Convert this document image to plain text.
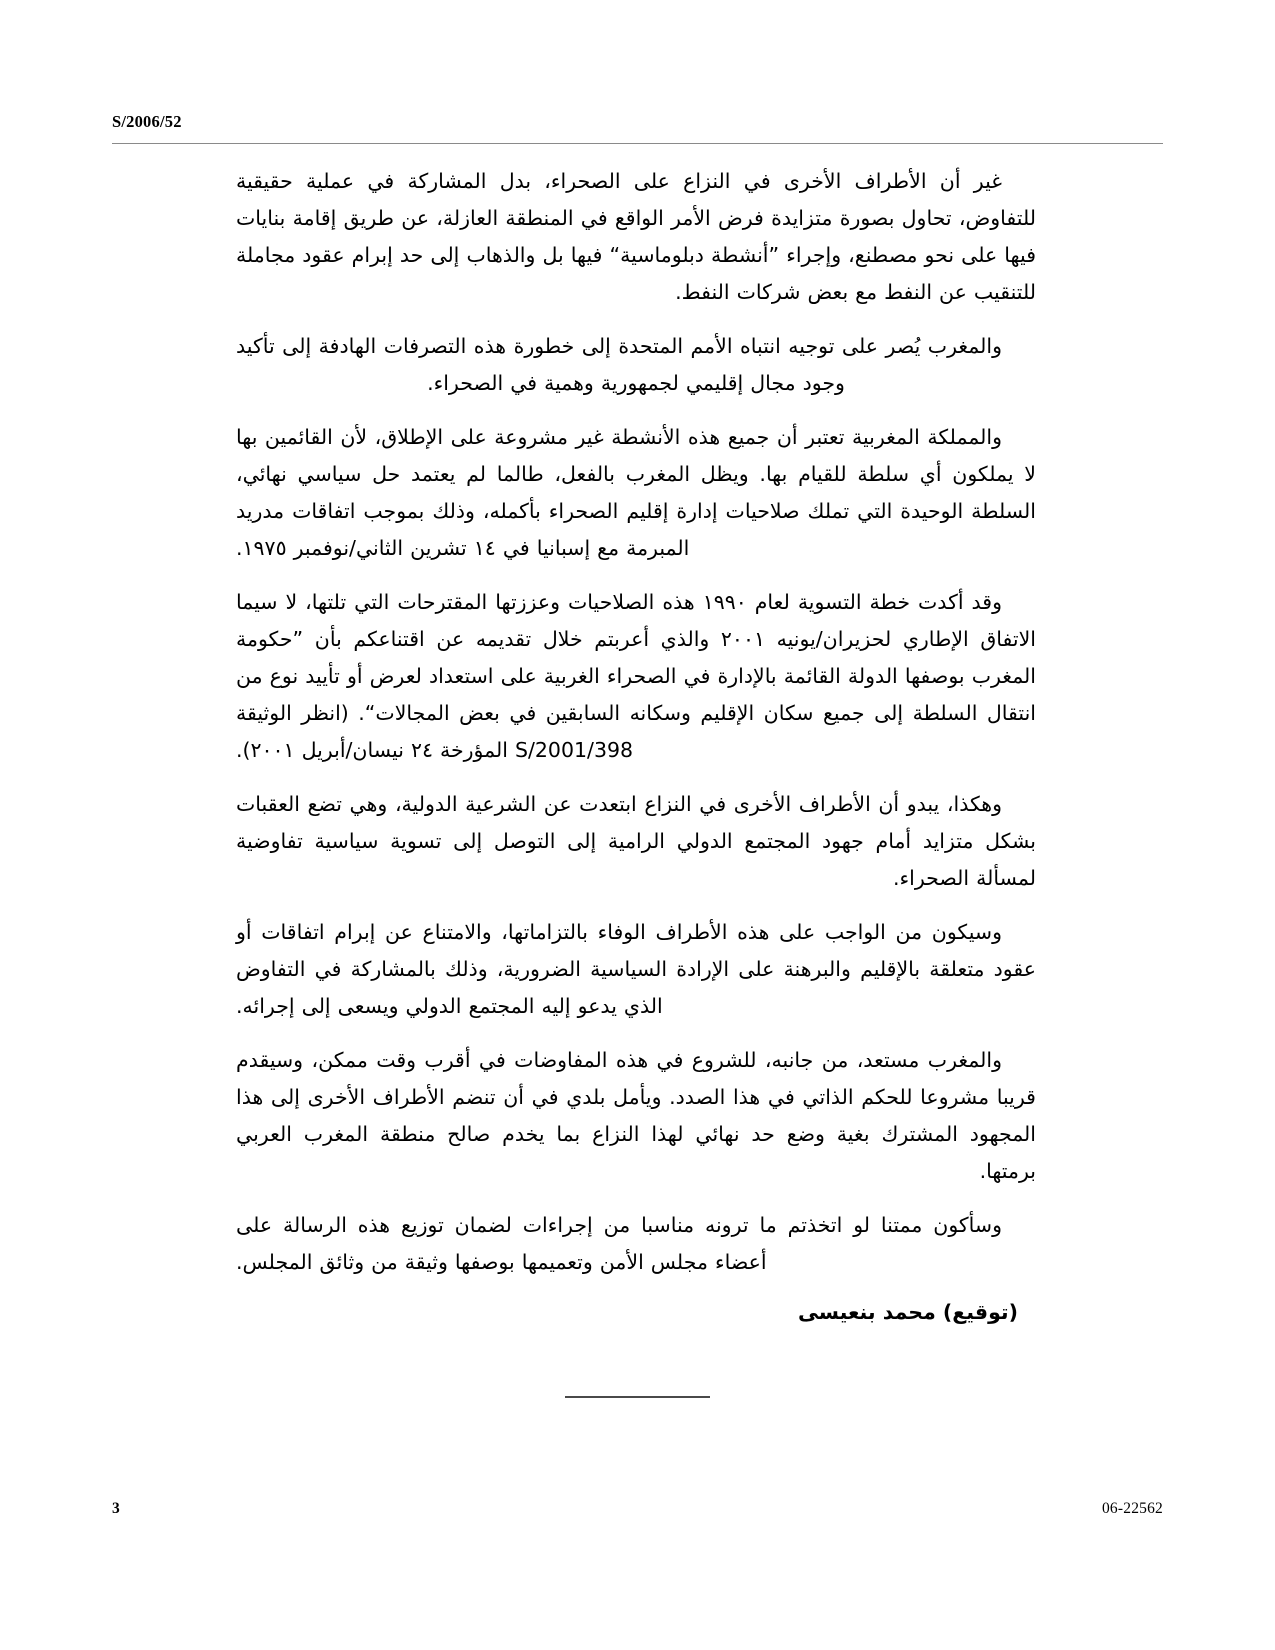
S/2006/52

غير أن الأطراف الأخرى في النزاع على الصحراء، بدل المشاركة في عملية حقيقية للتفاوض، تحاول بصورة متزايدة فرض الأمر الواقع في المنطقة العازلة، عن طريق إقامة بنايات فيها على نحو مصطنع، وإجراء ”أنشطة دبلوماسية“ فيها بل والذهاب إلى حد إبرام عقود مجاملة للتنقيب عن النفط مع بعض شركات النفط.

والمغرب يُصر على توجيه انتباه الأمم المتحدة إلى خطورة هذه التصرفات الهادفة إلى تأكيد وجود مجال إقليمي لجمهورية وهمية في الصحراء.

والمملكة المغربية تعتبر أن جميع هذه الأنشطة غير مشروعة على الإطلاق، لأن القائمين بها لا يملكون أي سلطة للقيام بها. ويظل المغرب بالفعل، طالما لم يعتمد حل سياسي نهائي، السلطة الوحيدة التي تملك صلاحيات إدارة إقليم الصحراء بأكمله، وذلك بموجب اتفاقات مدريد المبرمة مع إسبانيا في ١٤ تشرين الثاني/نوفمبر ١٩٧٥.

وقد أكدت خطة التسوية لعام ١٩٩٠ هذه الصلاحيات وعززتها المقترحات التي تلتها، لا سيما الاتفاق الإطاري لحزيران/يونيه ٢٠٠١ والذي أعربتم خلال تقديمه عن اقتناعكم بأن ”حكومة المغرب بوصفها الدولة القائمة بالإدارة في الصحراء الغربية على استعداد لعرض أو تأييد نوع من انتقال السلطة إلى جميع سكان الإقليم وسكانه السابقين في بعض المجالات“. (انظر الوثيقة S/2001/398 المؤرخة ٢٤ نيسان/أبريل ٢٠٠١).

وهكذا، يبدو أن الأطراف الأخرى في النزاع ابتعدت عن الشرعية الدولية، وهي تضع العقبات بشكل متزايد أمام جهود المجتمع الدولي الرامية إلى التوصل إلى تسوية سياسية تفاوضية لمسألة الصحراء.

وسيكون من الواجب على هذه الأطراف الوفاء بالتزاماتها، والامتناع عن إبرام اتفاقات أو عقود متعلقة بالإقليم والبرهنة على الإرادة السياسية الضرورية، وذلك بالمشاركة في التفاوض الذي يدعو إليه المجتمع الدولي ويسعى إلى إجرائه.

والمغرب مستعد، من جانبه، للشروع في هذه المفاوضات في أقرب وقت ممكن، وسيقدم قريبا مشروعا للحكم الذاتي في هذا الصدد. ويأمل بلدي في أن تنضم الأطراف الأخرى إلى هذا المجهود المشترك بغية وضع حد نهائي لهذا النزاع بما يخدم صالح منطقة المغرب العربي برمتها.

وسأكون ممتنا لو اتخذتم ما ترونه مناسبا من إجراءات لضمان توزيع هذه الرسالة على أعضاء مجلس الأمن وتعميمها بوصفها وثيقة من وثائق المجلس.

(توقيع) محمد بنعيسى

3	06-22562
